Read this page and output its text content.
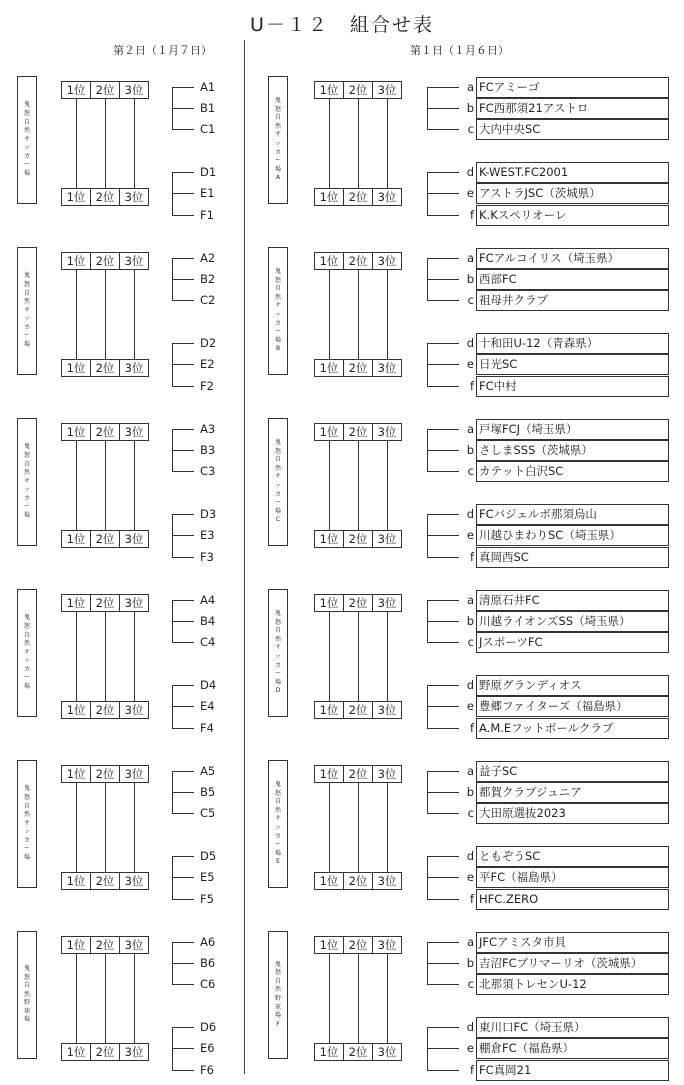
U－１２　組合せ表
第２日（１月７日）	第１日（１月６日）
鬼
怒
自
然
サ
ッ
カ
ー
場
1位 2位 3位
1位 2位 3位
A1
B1
C1
D1
E1
F1
鬼
怒
自
然
サ
ッ
カ
ー
場
A
1位 2位 3位
1位 2位 3位
a
b
c
d
e
f
FCアミーゴ
FC西那須21アストロ
大内中央SC
K-WEST.FC2001
アストラJSC（茨城県）
K.Kスペリオーレ
鬼
怒
自
然
サ
ッ
カ
ー
場
1位 2位 3位
1位 2位 3位
A2
B2
C2
D2
E2
F2
鬼
怒
自
然
サ
ッ
カ
ー
場
B
1位 2位 3位
1位 2位 3位
a
b
c
d
e
f
FCアルコイリス（埼玉県）
西部FC
祖母井クラブ
十和田U-12（青森県）
日光SC
FC中村
鬼
怒
自
然
サ
ッ
カ
ー
場
1位 2位 3位
1位 2位 3位
A3
B3
C3
D3
E3
F3
鬼
怒
自
然
サ
ッ
カ
ー
場
C
1位 2位 3位
1位 2位 3位
a
b
c
d
e
f
戸塚FCJ（埼玉県）
さしまSSS（茨城県）
カテット白沢SC
FCバジェルボ那須烏山
川越ひまわりSC（埼玉県）
真岡西SC
鬼
怒
自
然
サ
ッ
カ
ー
場
1位 2位 3位
1位 2位 3位
A4
B4
C4
D4
E4
F4
鬼
怒
自
然
サ
ッ
カ
ー
場
D
1位 2位 3位
1位 2位 3位
a
b
c
d
e
f
清原石井FC
川越ライオンズSS（埼玉県）
JスポーツFC
野原グランディオス
豊郷ファイターズ（福島県）
A.M.Eフットボールクラブ
鬼
怒
自
然
サ
ッ
カ
ー
場
1位 2位 3位
1位 2位 3位
A5
B5
C5
D5
E5
F5
鬼
怒
自
然
サ
ッ
カ
ー
場
E
1位 2位 3位
1位 2位 3位
a
b
c
d
e
f
益子SC
都賀クラブジュニア
大田原選抜2023
ともぞうSC
平FC（福島県）
HFC.ZERO
鬼
怒
自
然
野
球
場
1位 2位 3位
1位 2位 3位
A6
B6
C6
D6
E6
F6
鬼
怒
自
然
野
球
場
F
1位 2位 3位
1位 2位 3位
a
b
c
d
e
f
JFCアミスタ市貝
吉沼FCプリマーリオ（茨城県）
北那須トレセンU-12
東川口FC（埼玉県）
棚倉FC（福島県）
FC真岡21
